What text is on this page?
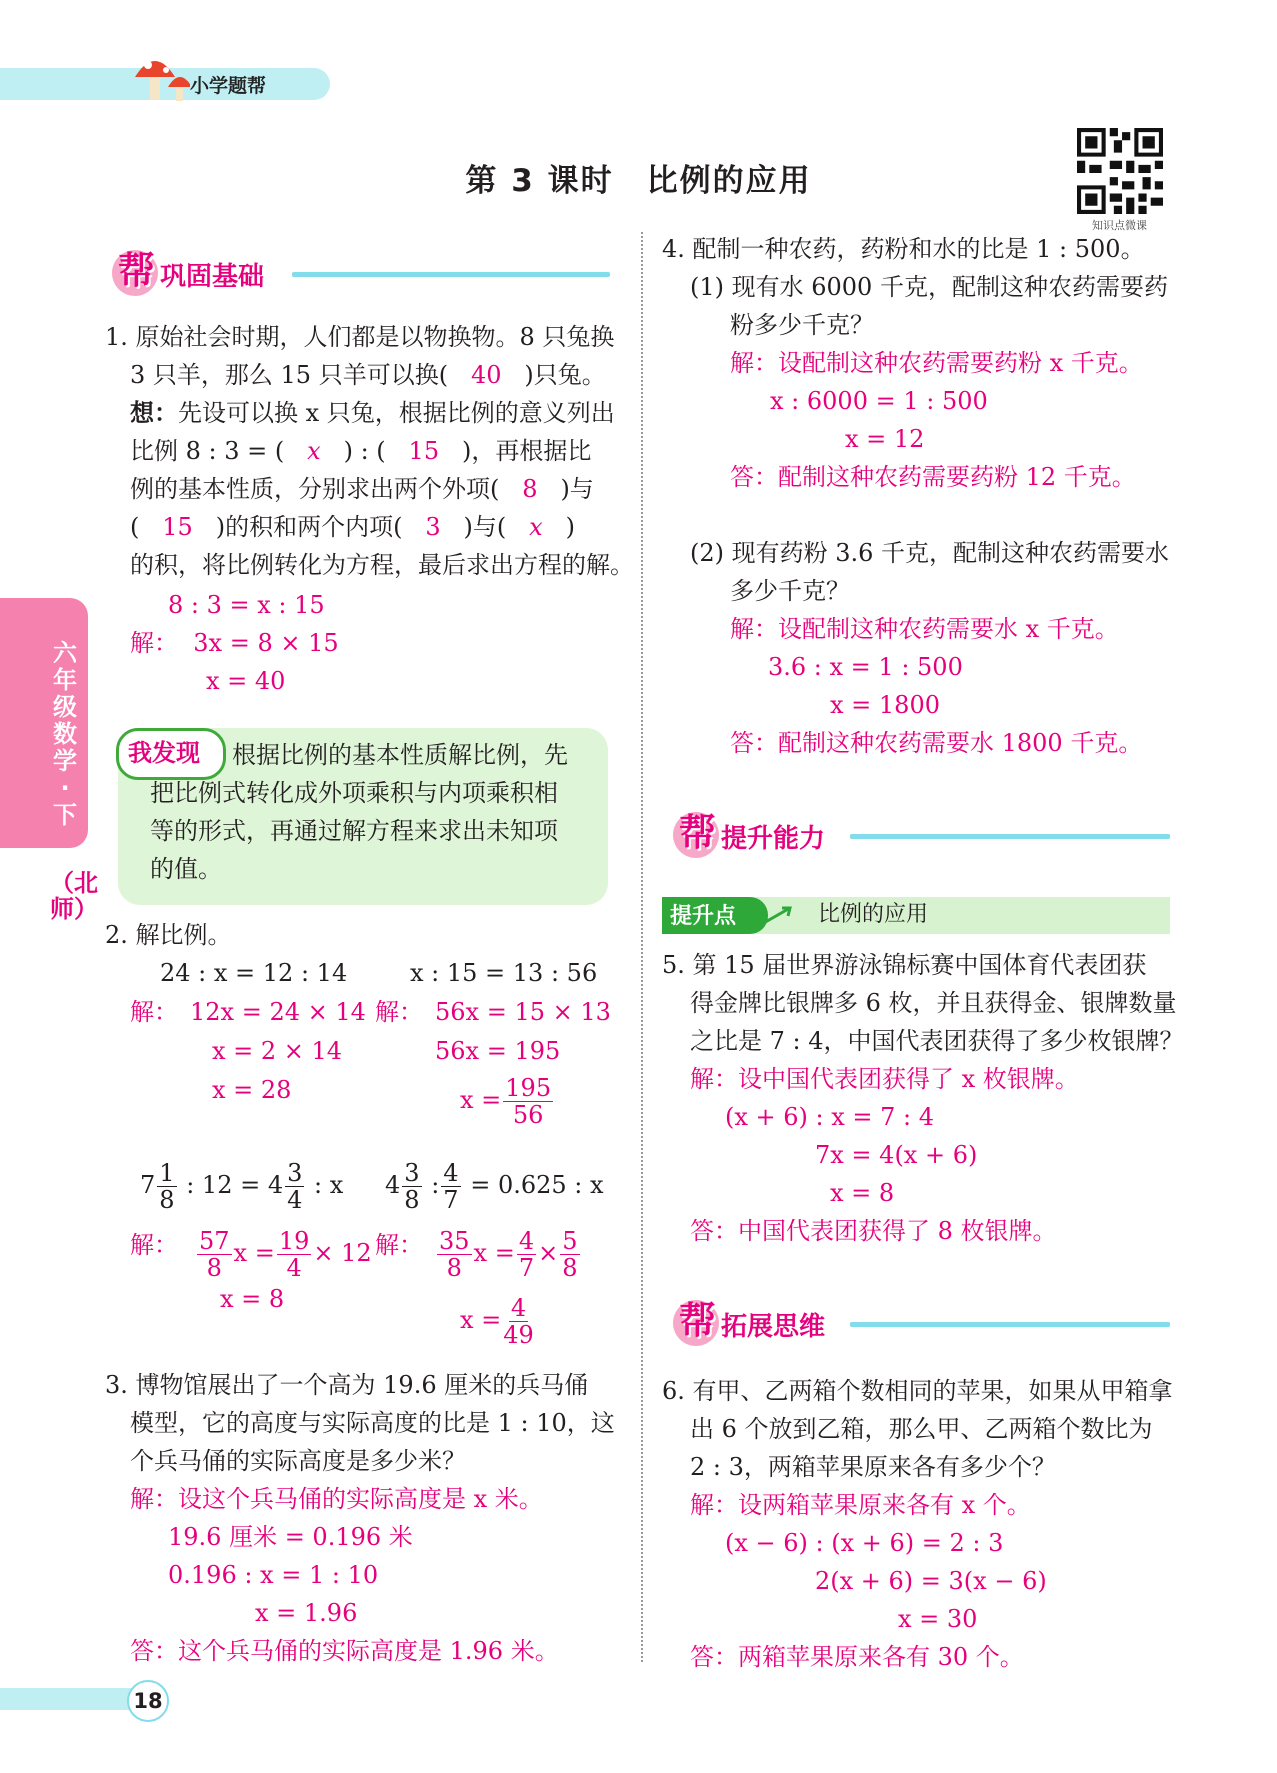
小学题帮
第 3 课时　比例的应用
知识点微课
六年级数学·下
（北师）
帮 巩固基础
1. 原始社会时期，人们都是以物换物。8 只兔换
3 只羊，那么 15 只羊可以换( 40 )只兔。
想：先设可以换 x 只兔，根据比例的意义列出
比例 8 : 3 = ( x ) : ( 15 )，再根据比
例的基本性质，分别求出两个外项( 8 )与
( 15 )的积和两个内项( 3 )与( x )
的积，将比例转化为方程，最后求出方程的解。
8 : 3 = x : 15
解： 3x = 8 × 15
x = 40
我发现 根据比例的基本性质解比例，先
把比例式转化成外项乘积与内项乘积相
等的形式，再通过解方程来求出未知项
的值。
2. 解比例。
24 : x = 12 : 14
解： 12x = 24 × 14
x = 2 × 14
x = 28
x : 15 = 13 : 56
解： 56x = 15 × 13
56x = 195
$x = \frac{195}{56}$
$7 \frac{1}{8}$ : $12 = 4 \frac{3}{4}$ : x
解： $\frac{57}{8}$ $x = \frac{19}{4} \times 12$
x = 8
$4 \frac{3}{8}$ : $\frac{4}{7} = 0.625$ : x
解： $\frac{35}{8}$ $x = \frac{4}{7} \times \frac{5}{8}$
$x = \frac{4}{49}$
3. 博物馆展出了一个高为 19.6 厘米的兵马俑
模型，它的高度与实际高度的比是 1 : 10，这
个兵马俑的实际高度是多少米？
解：设这个兵马俑的实际高度是 x 米。
19.6 厘米 = 0.196 米
0.196 : x = 1 : 10
x = 1.96
答：这个兵马俑的实际高度是 1.96 米。
4. 配制一种农药，药粉和水的比是 1 : 500。
(1) 现有水 6000 千克，配制这种农药需要药
粉多少千克？
解：设配制这种农药需要药粉 x 千克。
x : 6000 = 1 : 500
x = 12
答：配制这种农药需要药粉 12 千克。
(2) 现有药粉 3.6 千克，配制这种农药需要水
多少千克？
解：设配制这种农药需要水 x 千克。
3.6 : x = 1 : 500
x = 1800
答：配制这种农药需要水 1800 千克。
帮 提升能力
提升点	比例的应用
5. 第 15 届世界游泳锦标赛中国体育代表团获
得金牌比银牌多 6 枚，并且获得金、银牌数量
之比是 7 : 4，中国代表团获得了多少枚银牌？
解：设中国代表团获得了 x 枚银牌。
(x + 6) : x = 7 : 4
7x = 4(x + 6)
x = 8
答：中国代表团获得了 8 枚银牌。
帮 拓展思维
6. 有甲、乙两箱个数相同的苹果，如果从甲箱拿
出 6 个放到乙箱，那么甲、乙两箱个数比为
2 : 3，两箱苹果原来各有多少个？
解：设两箱苹果原来各有 x 个。
(x − 6) : (x + 6) = 2 : 3
2(x + 6) = 3(x − 6)
x = 30
答：两箱苹果原来各有 30 个。
18
